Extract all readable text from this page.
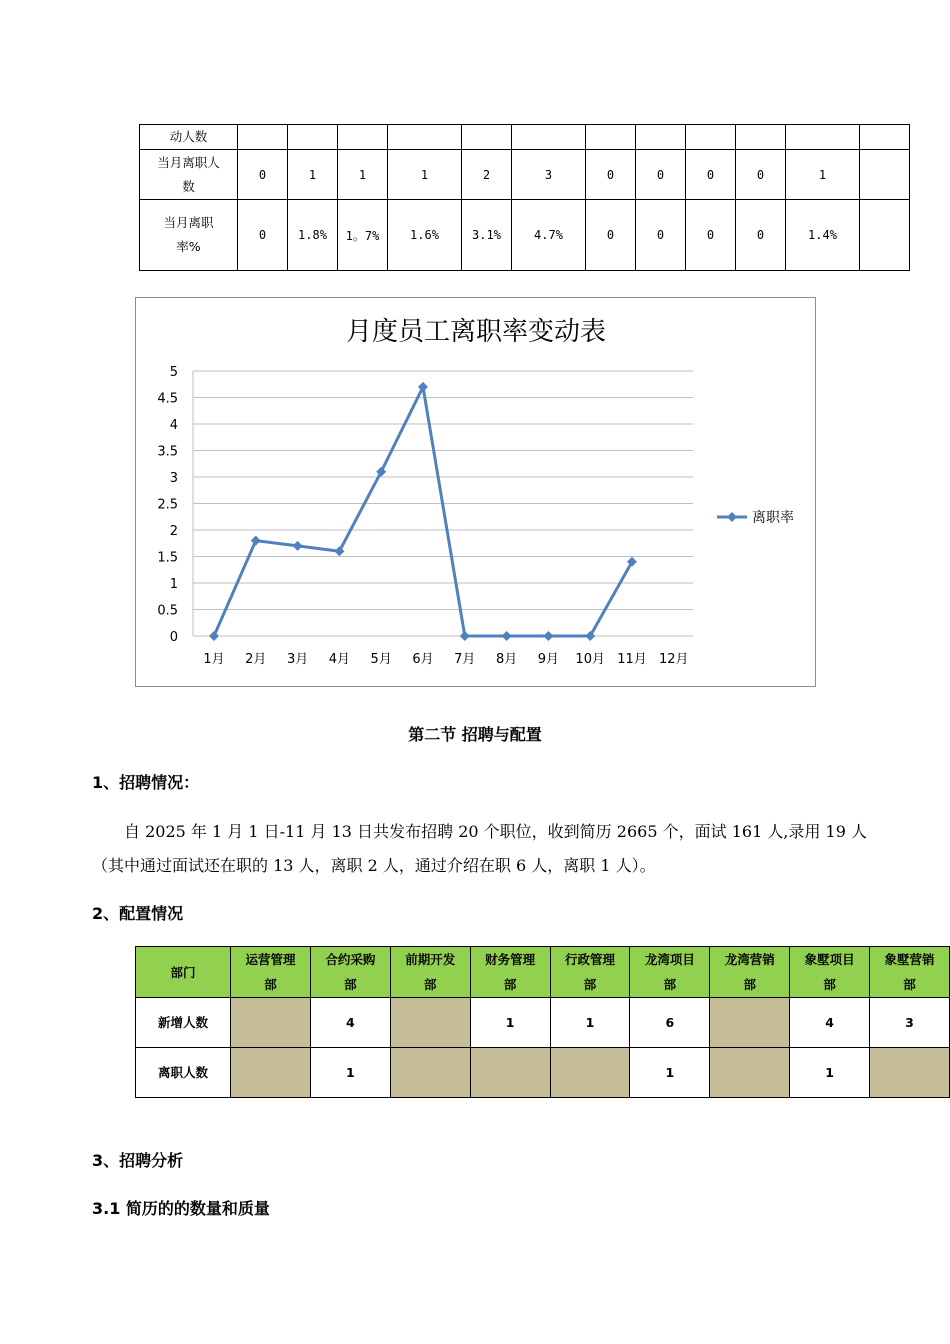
动人数												
当月离职人数	0	1	1	1	2	3	0	0	0	0	1	
当月离职率%	0	1.8%	1。7%	1.6%	3.1%	4.7%	0	0	0	0	1.4%	
月度员工离职率变动表
0
0.5
1
1.5
2
2.5
3
3.5
4
4.5
5
1月 2月 3月 4月 5月 6月 7月 8月 9月 10月 11月 12月
离职率
第二节 招聘与配置
1、招聘情况：
自 2025 年 1 月 1 日-11 月 13 日共发布招聘 20 个职位，收到简历 2665 个，面试 161 人,录用 19 人（其中通过面试还在职的 13 人，离职 2 人，通过介绍在职 6 人，离职 1 人）。
2、配置情况
部门	运营管理部	合约采购部	前期开发部	财务管理部	行政管理部	龙湾项目部	龙湾营销部	象墅项目部	象墅营销部
新增人数		4		1	1	6		4	3
离职人数		1				1		1	
3、招聘分析
3.1 简历的的数量和质量
